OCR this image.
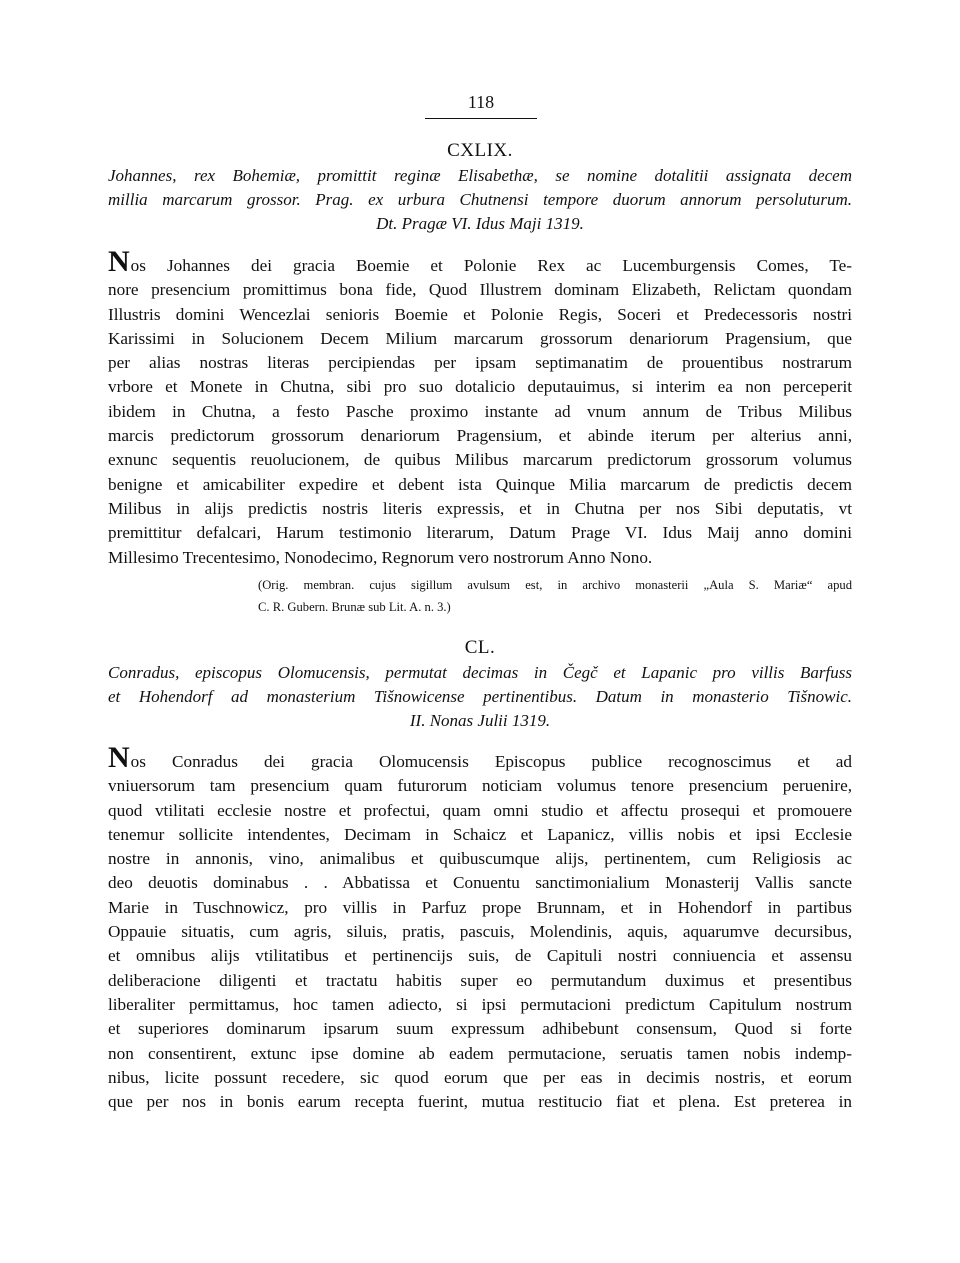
118
CXLIX.
Johannes, rex Bohemiæ, promittit reginæ Elisabethæ, se nomine dotalitii assignata decem
millia marcarum grossor. Prag. ex urbura Chutnensi tempore duorum annorum persoluturum.
Dt. Pragæ VI. Idus Maji 1319.
Nos Johannes dei gracia Boemie et Polonie Rex ac Lucemburgensis Comes, Te-
nore presencium promittimus bona fide, Quod Illustrem dominam Elizabeth, Relictam quondam
Illustris domini Wencezlai senioris Boemie et Polonie Regis, Soceri et Predecessoris nostri
Karissimi in Solucionem Decem Milium marcarum grossorum denariorum Pragensium, que
per alias nostras literas percipiendas per ipsam septimanatim de prouentibus nostrarum
vrbore et Monete in Chutna, sibi pro suo dotalicio deputauimus, si interim ea non perceperit
ibidem in Chutna, a festo Pasche proximo instante ad vnum annum de Tribus Milibus
marcis predictorum grossorum denariorum Pragensium, et abinde iterum per alterius anni,
exnunc sequentis reuolucionem, de quibus Milibus marcarum predictorum grossorum volumus
benigne et amicabiliter expedire et debent ista Quinque Milia marcarum de predictis decem
Milibus in alijs predictis nostris literis expressis, et in Chutna per nos Sibi deputatis, vt
premittitur defalcari, Harum testimonio literarum, Datum Prage VI. Idus Maij anno domini
Millesimo Trecentesimo, Nonodecimo, Regnorum vero nostrorum Anno Nono.
(Orig. membran. cujus sigillum avulsum est, in archivo monasterii „Aula S. Mariæ“ apud
C. R. Gubern. Brunæ sub Lit. A. n. 3.)
CL.
Conradus, episcopus Olomucensis, permutat decimas in Čegč et Lapanic pro villis Barfuss
et Hohendorf ad monasterium Tišnowicense pertinentibus. Datum in monasterio Tišnowic.
II. Nonas Julii 1319.
Nos Conradus dei gracia Olomucensis Episcopus publice recognoscimus et ad
vniuersorum tam presencium quam futurorum noticiam volumus tenore presencium peruenire,
quod vtilitati ecclesie nostre et profectui, quam omni studio et affectu prosequi et promouere
tenemur sollicite intendentes, Decimam in Schaicz et Lapanicz, villis nobis et ipsi Ecclesie
nostre in annonis, vino, animalibus et quibuscumque alijs, pertinentem, cum Religiosis ac
deo deuotis dominabus . . Abbatissa et Conuentu sanctimonialium Monasterij Vallis sancte
Marie in Tuschnowicz, pro villis in Parfuz prope Brunnam, et in Hohendorf in partibus
Oppauie situatis, cum agris, siluis, pratis, pascuis, Molendinis, aquis, aquarumve decursibus,
et omnibus alijs vtilitatibus et pertinencijs suis, de Capituli nostri conniuencia et assensu
deliberacione diligenti et tractatu habitis super eo permutandum duximus et presentibus
liberaliter permittamus, hoc tamen adiecto, si ipsi permutacioni predictum Capitulum nostrum
et superiores dominarum ipsarum suum expressum adhibebunt consensum, Quod si forte
non consentirent, extunc ipse domine ab eadem permutacione, seruatis tamen nobis indemp-
nibus, licite possunt recedere, sic quod eorum que per eas in decimis nostris, et eorum
que per nos in bonis earum recepta fuerint, mutua restitucio fiat et plena. Est preterea in
